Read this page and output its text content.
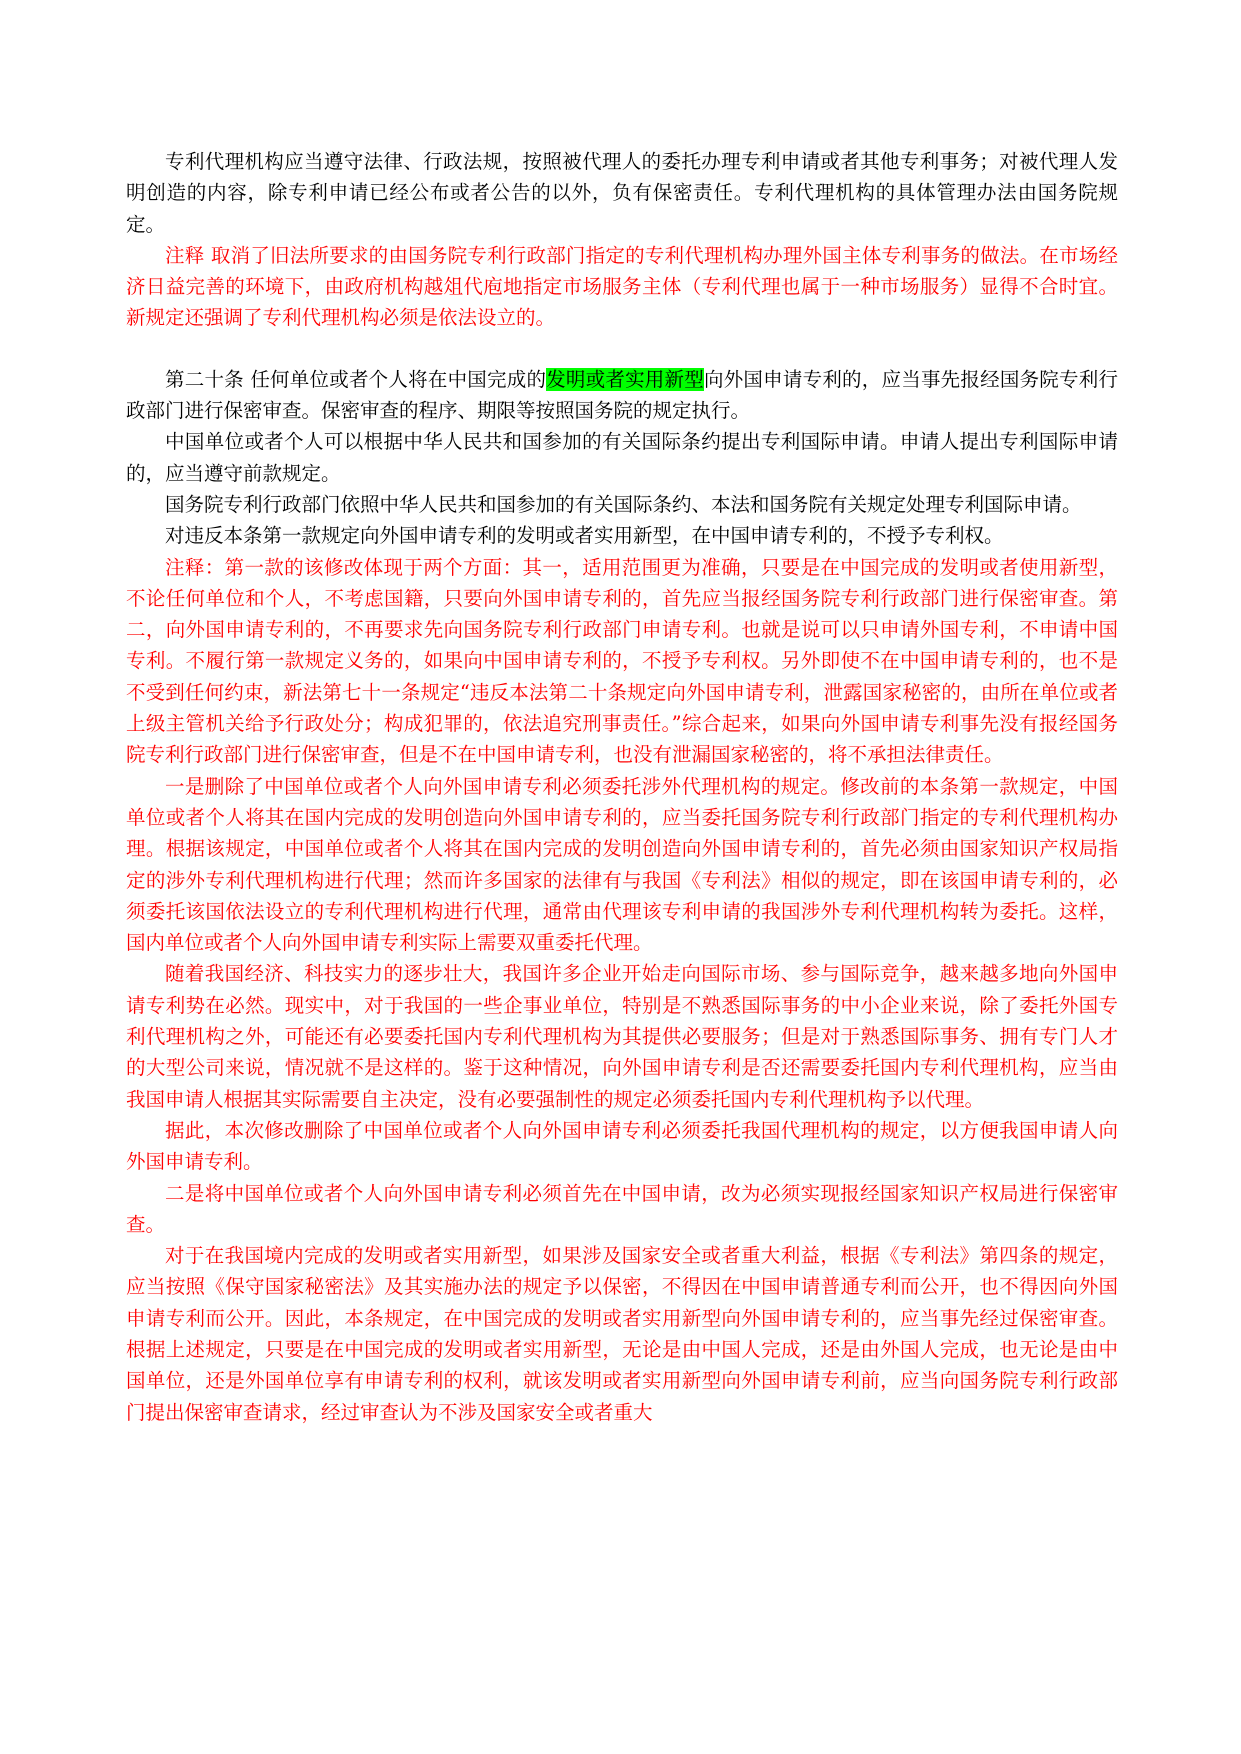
专利代理机构应当遵守法律、行政法规，按照被代理人的委托办理专利申请或者其他专利事务；对被代理人发明创造的内容，除专利申请已经公布或者公告的以外，负有保密责任。专利代理机构的具体管理办法由国务院规定。

注释 取消了旧法所要求的由国务院专利行政部门指定的专利代理机构办理外国主体专利事务的做法。在市场经济日益完善的环境下，由政府机构越俎代庖地指定市场服务主体（专利代理也属于一种市场服务）显得不合时宜。新规定还强调了专利代理机构必须是依法设立的。

第二十条 任何单位或者个人将在中国完成的发明或者实用新型向外国申请专利的，应当事先报经国务院专利行政部门进行保密审查。保密审查的程序、期限等按照国务院的规定执行。

中国单位或者个人可以根据中华人民共和国参加的有关国际条约提出专利国际申请。申请人提出专利国际申请的，应当遵守前款规定。

国务院专利行政部门依照中华人民共和国参加的有关国际条约、本法和国务院有关规定处理专利国际申请。

对违反本条第一款规定向外国申请专利的发明或者实用新型，在中国申请专利的，不授予专利权。

注释：第一款的该修改体现于两个方面：其一，适用范围更为准确，只要是在中国完成的发明或者使用新型，不论任何单位和个人，不考虑国籍，只要向外国申请专利的，首先应当报经国务院专利行政部门进行保密审查。第二，向外国申请专利的，不再要求先向国务院专利行政部门申请专利。也就是说可以只申请外国专利，不申请中国专利。不履行第一款规定义务的，如果向中国申请专利的，不授予专利权。另外即使不在中国申请专利的，也不是不受到任何约束，新法第七十一条规定“违反本法第二十条规定向外国申请专利，泄露国家秘密的，由所在单位或者上级主管机关给予行政处分；构成犯罪的，依法追究刑事责任。”综合起来，如果向外国申请专利事先没有报经国务院专利行政部门进行保密审查，但是不在中国申请专利，也没有泄漏国家秘密的，将不承担法律责任。

一是删除了中国单位或者个人向外国申请专利必须委托涉外代理机构的规定。修改前的本条第一款规定，中国单位或者个人将其在国内完成的发明创造向外国申请专利的，应当委托国务院专利行政部门指定的专利代理机构办理。根据该规定，中国单位或者个人将其在国内完成的发明创造向外国申请专利的，首先必须由国家知识产权局指定的涉外专利代理机构进行代理；然而许多国家的法律有与我国《专利法》相似的规定，即在该国申请专利的，必须委托该国依法设立的专利代理机构进行代理，通常由代理该专利申请的我国涉外专利代理机构转为委托。这样，国内单位或者个人向外国申请专利实际上需要双重委托代理。

随着我国经济、科技实力的逐步壮大，我国许多企业开始走向国际市场、参与国际竞争，越来越多地向外国申请专利势在必然。现实中，对于我国的一些企事业单位，特别是不熟悉国际事务的中小企业来说，除了委托外国专利代理机构之外，可能还有必要委托国内专利代理机构为其提供必要服务；但是对于熟悉国际事务、拥有专门人才的大型公司来说，情况就不是这样的。鉴于这种情况，向外国申请专利是否还需要委托国内专利代理机构，应当由我国申请人根据其实际需要自主决定，没有必要强制性的规定必须委托国内专利代理机构予以代理。

据此，本次修改删除了中国单位或者个人向外国申请专利必须委托我国代理机构的规定，以方便我国申请人向外国申请专利。

二是将中国单位或者个人向外国申请专利必须首先在中国申请，改为必须实现报经国家知识产权局进行保密审查。

对于在我国境内完成的发明或者实用新型，如果涉及国家安全或者重大利益，根据《专利法》第四条的规定，应当按照《保守国家秘密法》及其实施办法的规定予以保密，不得因在中国申请普通专利而公开，也不得因向外国申请专利而公开。因此，本条规定，在中国完成的发明或者实用新型向外国申请专利的，应当事先经过保密审查。根据上述规定，只要是在中国完成的发明或者实用新型，无论是由中国人完成，还是由外国人完成，也无论是由中国单位，还是外国单位享有申请专利的权利，就该发明或者实用新型向外国申请专利前，应当向国务院专利行政部门提出保密审查请求，经过审查认为不涉及国家安全或者重大
